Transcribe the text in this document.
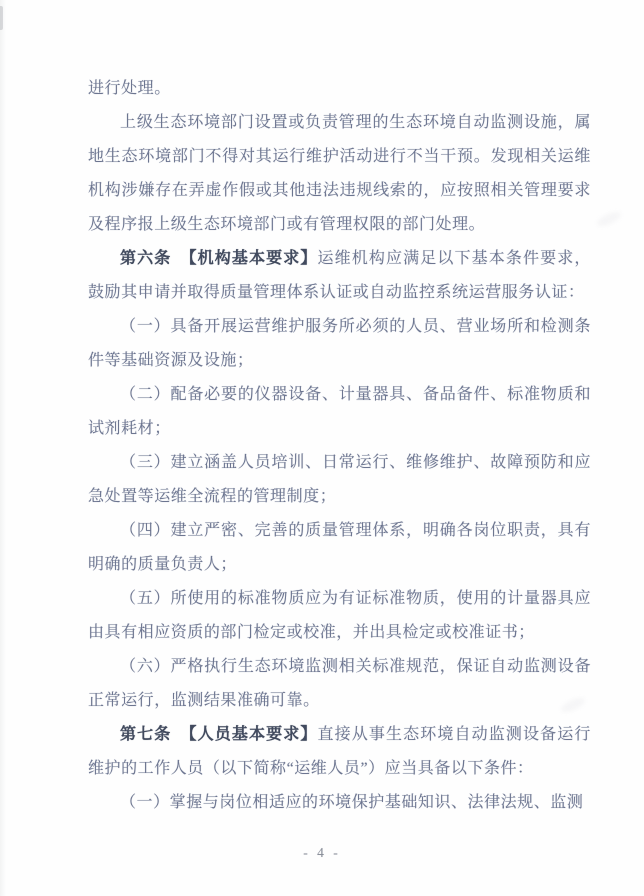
进行处理。

上级生态环境部门设置或负责管理的生态环境自动监测设施，属地生态环境部门不得对其运行维护活动进行不当干预。发现相关运维机构涉嫌存在弄虚作假或其他违法违规线索的，应按照相关管理要求及程序报上级生态环境部门或有管理权限的部门处理。

第六条　【机构基本要求】运维机构应满足以下基本条件要求，鼓励其申请并取得质量管理体系认证或自动监控系统运营服务认证：

（一）具备开展运营维护服务所必须的人员、营业场所和检测条件等基础资源及设施；

（二）配备必要的仪器设备、计量器具、备品备件、标准物质和试剂耗材；

（三）建立涵盖人员培训、日常运行、维修维护、故障预防和应急处置等运维全流程的管理制度；

（四）建立严密、完善的质量管理体系，明确各岗位职责，具有明确的质量负责人；

（五）所使用的标准物质应为有证标准物质，使用的计量器具应由具有相应资质的部门检定或校准，并出具检定或校准证书；

（六）严格执行生态环境监测相关标准规范，保证自动监测设备正常运行，监测结果准确可靠。

第七条　【人员基本要求】直接从事生态环境自动监测设备运行维护的工作人员（以下简称“运维人员”）应当具备以下条件：

（一）掌握与岗位相适应的环境保护基础知识、法律法规、监测

- 4 -
